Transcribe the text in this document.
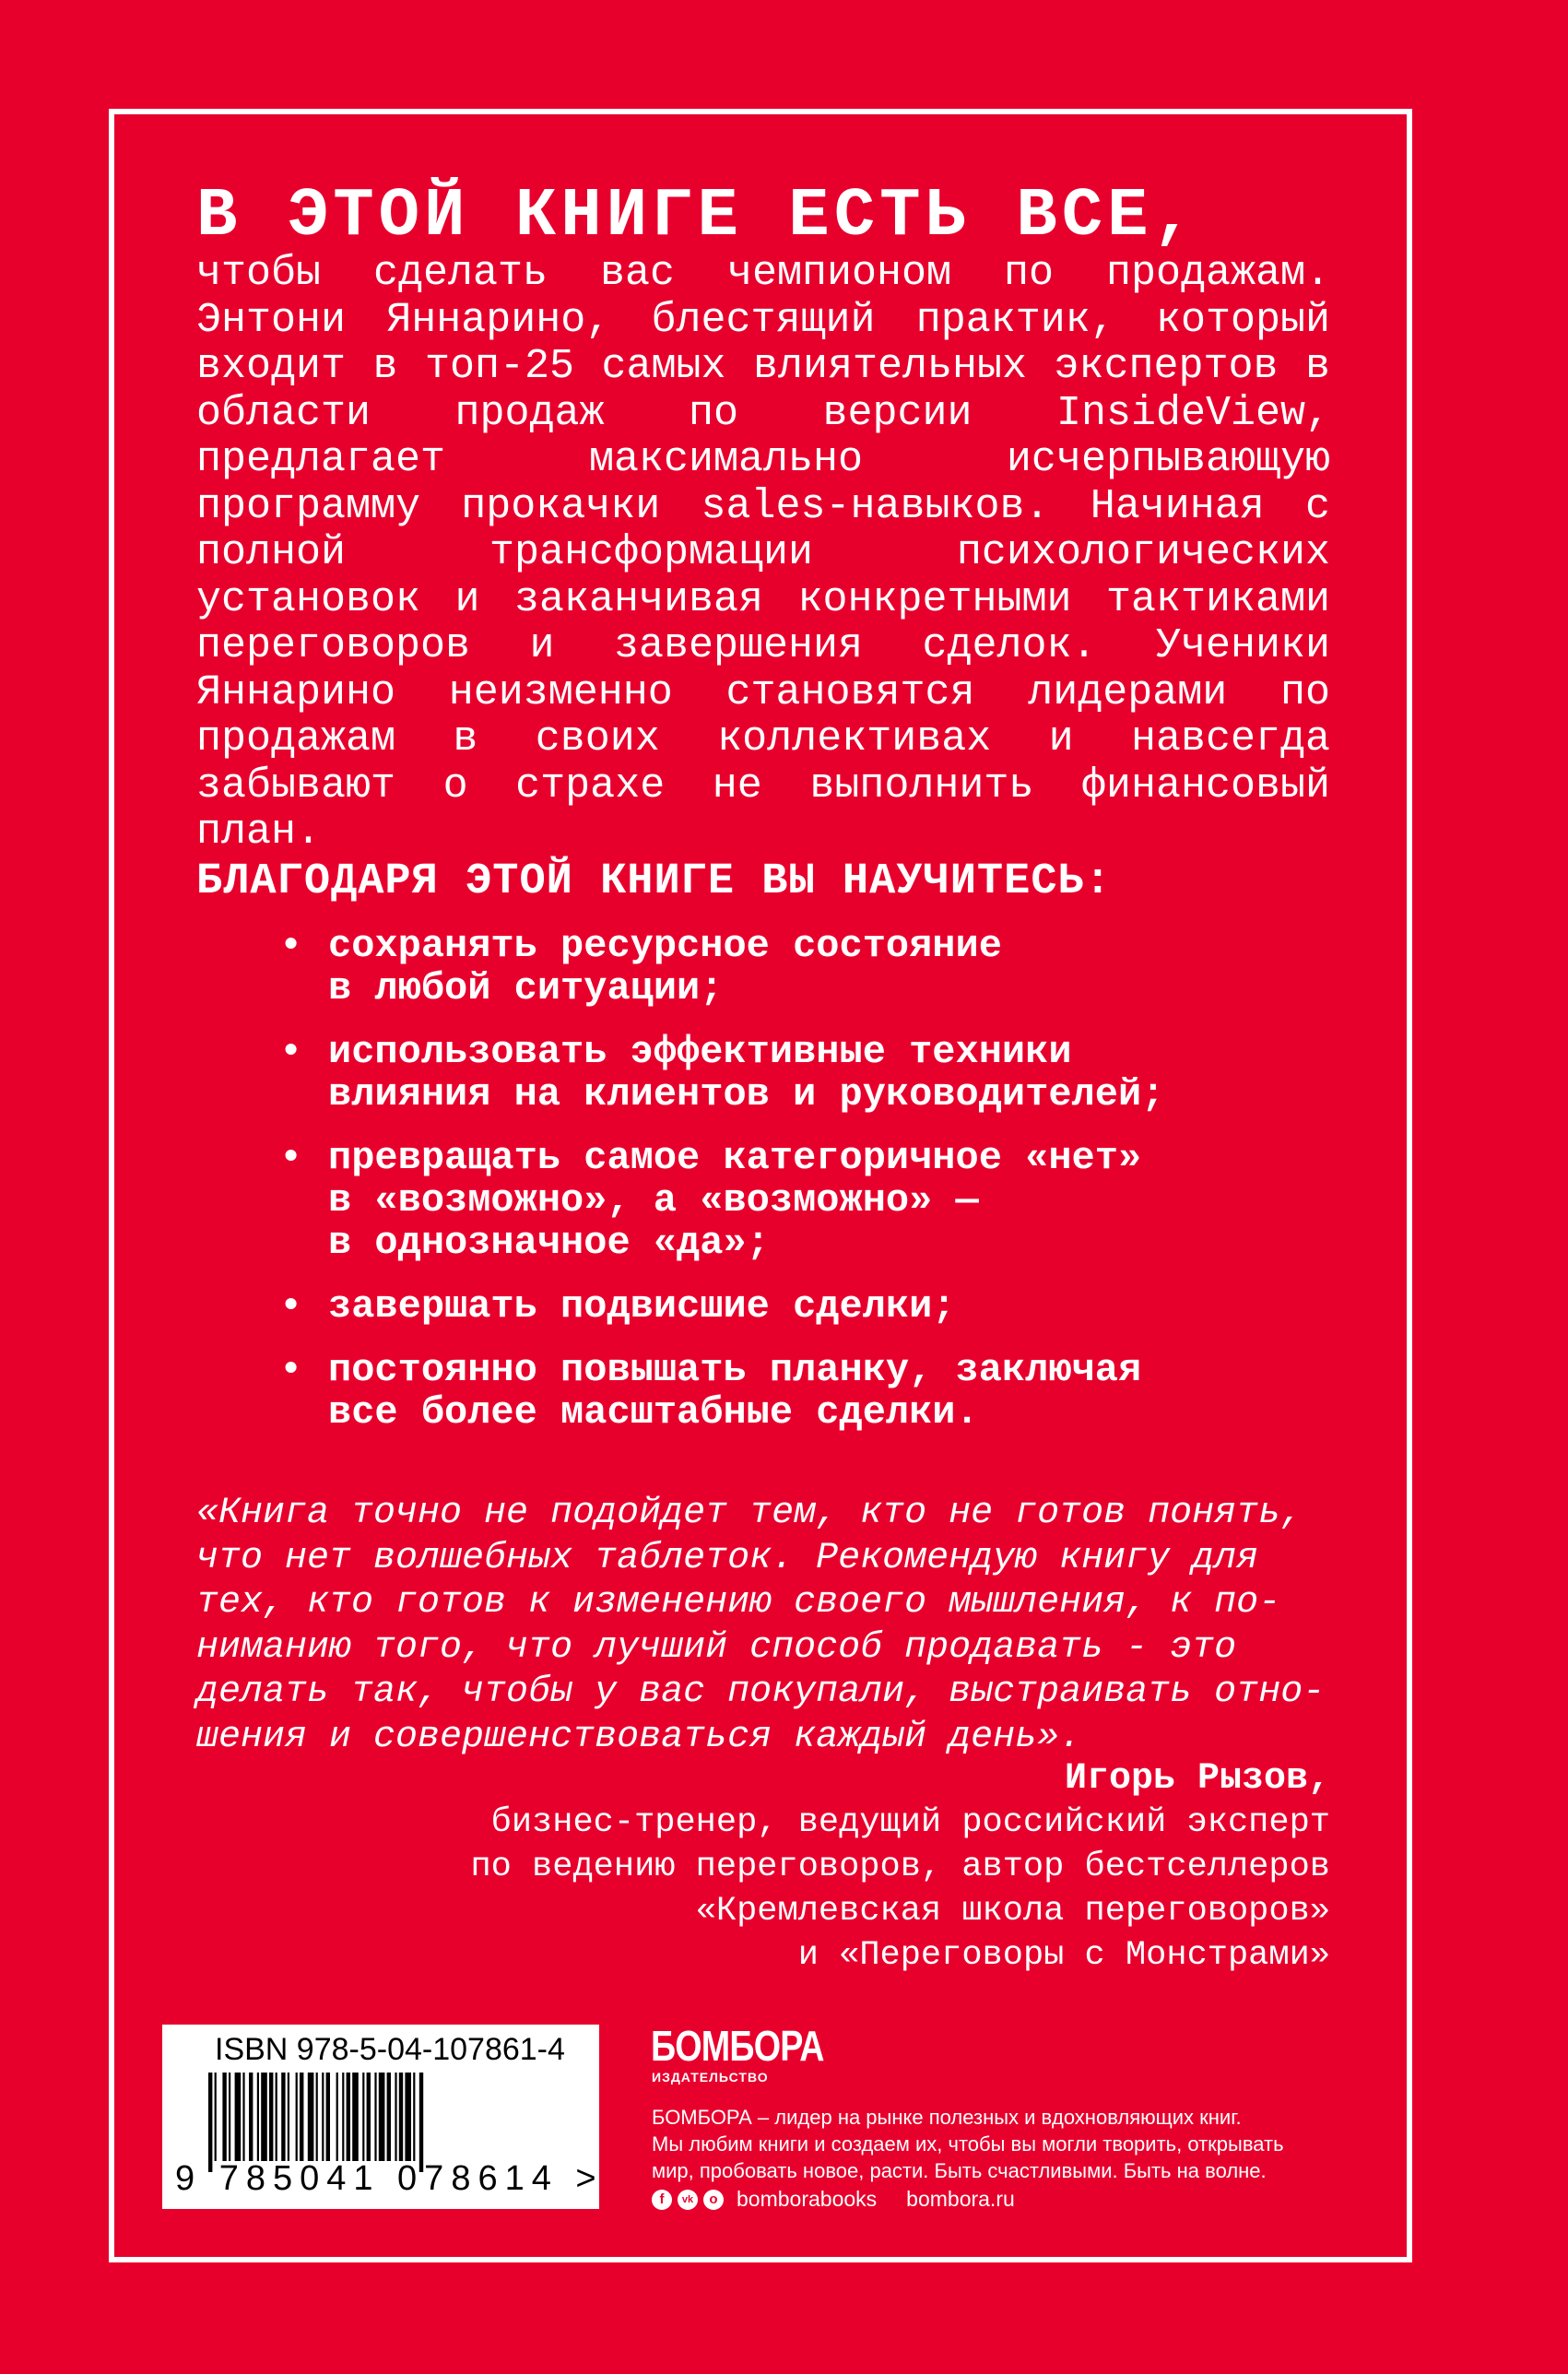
В ЭТОЙ КНИГЕ ЕСТЬ ВСЕ,
чтобы сделать вас чемпионом по продажам. Энтони Яннарино, блестящий практик, который входит в топ-25 самых влиятельных экспертов в области продаж по версии InsideView, предлагает максимально исчерпывающую программу прокачки sales-навыков. Начиная с полной трансформации психологических установок и заканчивая конкретными тактиками переговоров и завершения сделок. Ученики Яннарино неизменно становятся лидерами по продажам в своих коллективах и навсегда забывают о страхе не выполнить финансовый план.
БЛАГОДАРЯ ЭТОЙ КНИГЕ ВЫ НАУЧИТЕСЬ:
• сохранять ресурсное состояние
в любой ситуации;
• использовать эффективные техники
влияния на клиентов и руководителей;
• превращать самое категоричное «нет»
в «возможно», а «возможно» —
в однозначное «да»;
• завершать подвисшие сделки;
• постоянно повышать планку, заключая
все более масштабные сделки.
«Книга точно не подойдет тем, кто не готов понять,
что нет волшебных таблеток. Рекомендую книгу для
тех, кто готов к изменению своего мышления, к по-
ниманию того, что лучший способ продавать - это
делать так, чтобы у вас покупали, выстраивать отно-
шения и совершенствоваться каждый день».
Игорь Рызов,
бизнес-тренер, ведущий российский эксперт
по ведению переговоров, автор бестселлеров
«Кремлевская школа переговоров»
и «Переговоры с Монстрами»
ISBN 978-5-04-107861-4
9 785041 078614 >
БОМБОРА
ИЗДАТЕЛЬСТВО
БОМБОРА – лидер на рынке полезных и вдохновляющих книг.
Мы любим книги и создаем их, чтобы вы могли творить, открывать
мир, пробовать новое, расти. Быть счастливыми. Быть на волне.
f	vk	o bomborabooks bombora.ru
